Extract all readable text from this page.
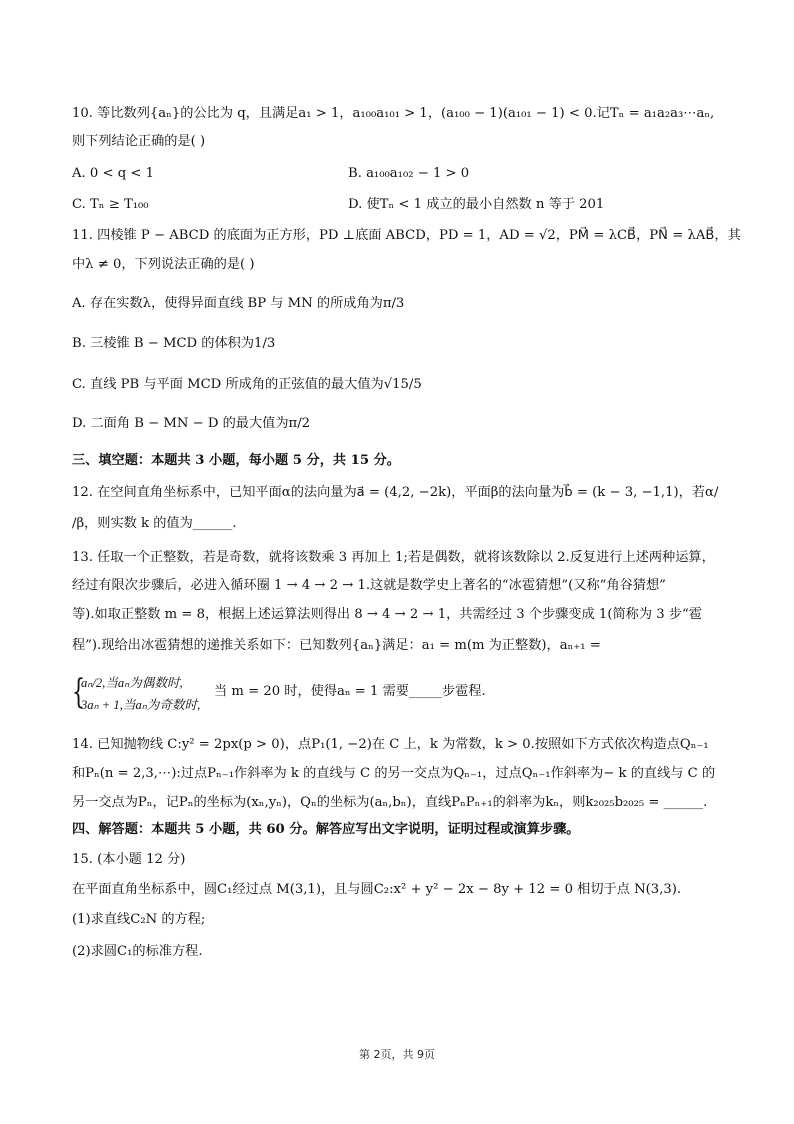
10. 等比数列{aₙ}的公比为 q，且满足a₁ > 1，a₁₀₀a₁₀₁ > 1，(a₁₀₀ − 1)(a₁₀₁ − 1) < 0.记Tₙ = a₁a₂a₃⋯aₙ,
则下列结论正确的是( )
A. 0 < q < 1	B. a₁₀₀a₁₀₂ − 1 > 0
C. Tₙ ≥ T₁₀₀	D. 使Tₙ < 1 成立的最小自然数 n 等于 201
11. 四棱锥 P − ABCD 的底面为正方形，PD ⊥底面 ABCD，PD = 1，AD = √2，PM⃗ = λCB⃗，PN⃗ = λAB⃗，其
中λ ≠ 0，下列说法正确的是( )
A. 存在实数λ，使得异面直线 BP 与 MN 的所成角为π/3
B. 三棱锥 B − MCD 的体积为1/3
C. 直线 PB 与平面 MCD 所成角的正弦值的最大值为√15/5
D. 二面角 B − MN − D 的最大值为π/2
三、填空题：本题共 3 小题，每小题 5 分，共 15 分。
12. 在空间直角坐标系中，已知平面α的法向量为a⃗ = (4,2, −2k)，平面β的法向量为b⃗ = (k − 3, −1,1)，若α/
/β，则实数 k 的值为______.
13. 任取一个正整数，若是奇数，就将该数乘 3 再加上 1;若是偶数，就将该数除以 2.反复进行上述两种运算，
经过有限次步骤后，必进入循环圈 1 → 4 → 2 → 1.这就是数学史上著名的“冰雹猜想”(又称“角谷猜想”
等).如取正整数 m = 8，根据上述运算法则得出 8 → 4 → 2 → 1，共需经过 3 个步骤变成 1(简称为 3 步“雹
程”).现给出冰雹猜想的递推关系如下：已知数列{aₙ}满足：a₁ = m(m 为正整数)，aₙ₊₁ =
{
aₙ/2,当aₙ为偶数时,
3aₙ + 1,当aₙ为奇数时,
当 m = 20 时，使得aₙ = 1 需要_____步雹程.
14. 已知抛物线 C:y² = 2px(p > 0)，点P₁(1, −2)在 C 上，k 为常数，k > 0.按照如下方式依次构造点Qₙ₋₁
和Pₙ(n = 2,3,⋯):过点Pₙ₋₁作斜率为 k 的直线与 C 的另一交点为Qₙ₋₁，过点Qₙ₋₁作斜率为− k 的直线与 C 的
另一交点为Pₙ，记Pₙ的坐标为(xₙ,yₙ)，Qₙ的坐标为(aₙ,bₙ)，直线PₙPₙ₊₁的斜率为kₙ，则k₂₀₂₅b₂₀₂₅ = ______.
四、解答题：本题共 5 小题，共 60 分。解答应写出文字说明，证明过程或演算步骤。
15. (本小题 12 分)
在平面直角坐标系中，圆C₁经过点 M(3,1)，且与圆C₂:x² + y² − 2x − 8y + 12 = 0 相切于点 N(3,3).
(1)求直线C₂N 的方程;
(2)求圆C₁的标准方程.
第 2页，共 9页
